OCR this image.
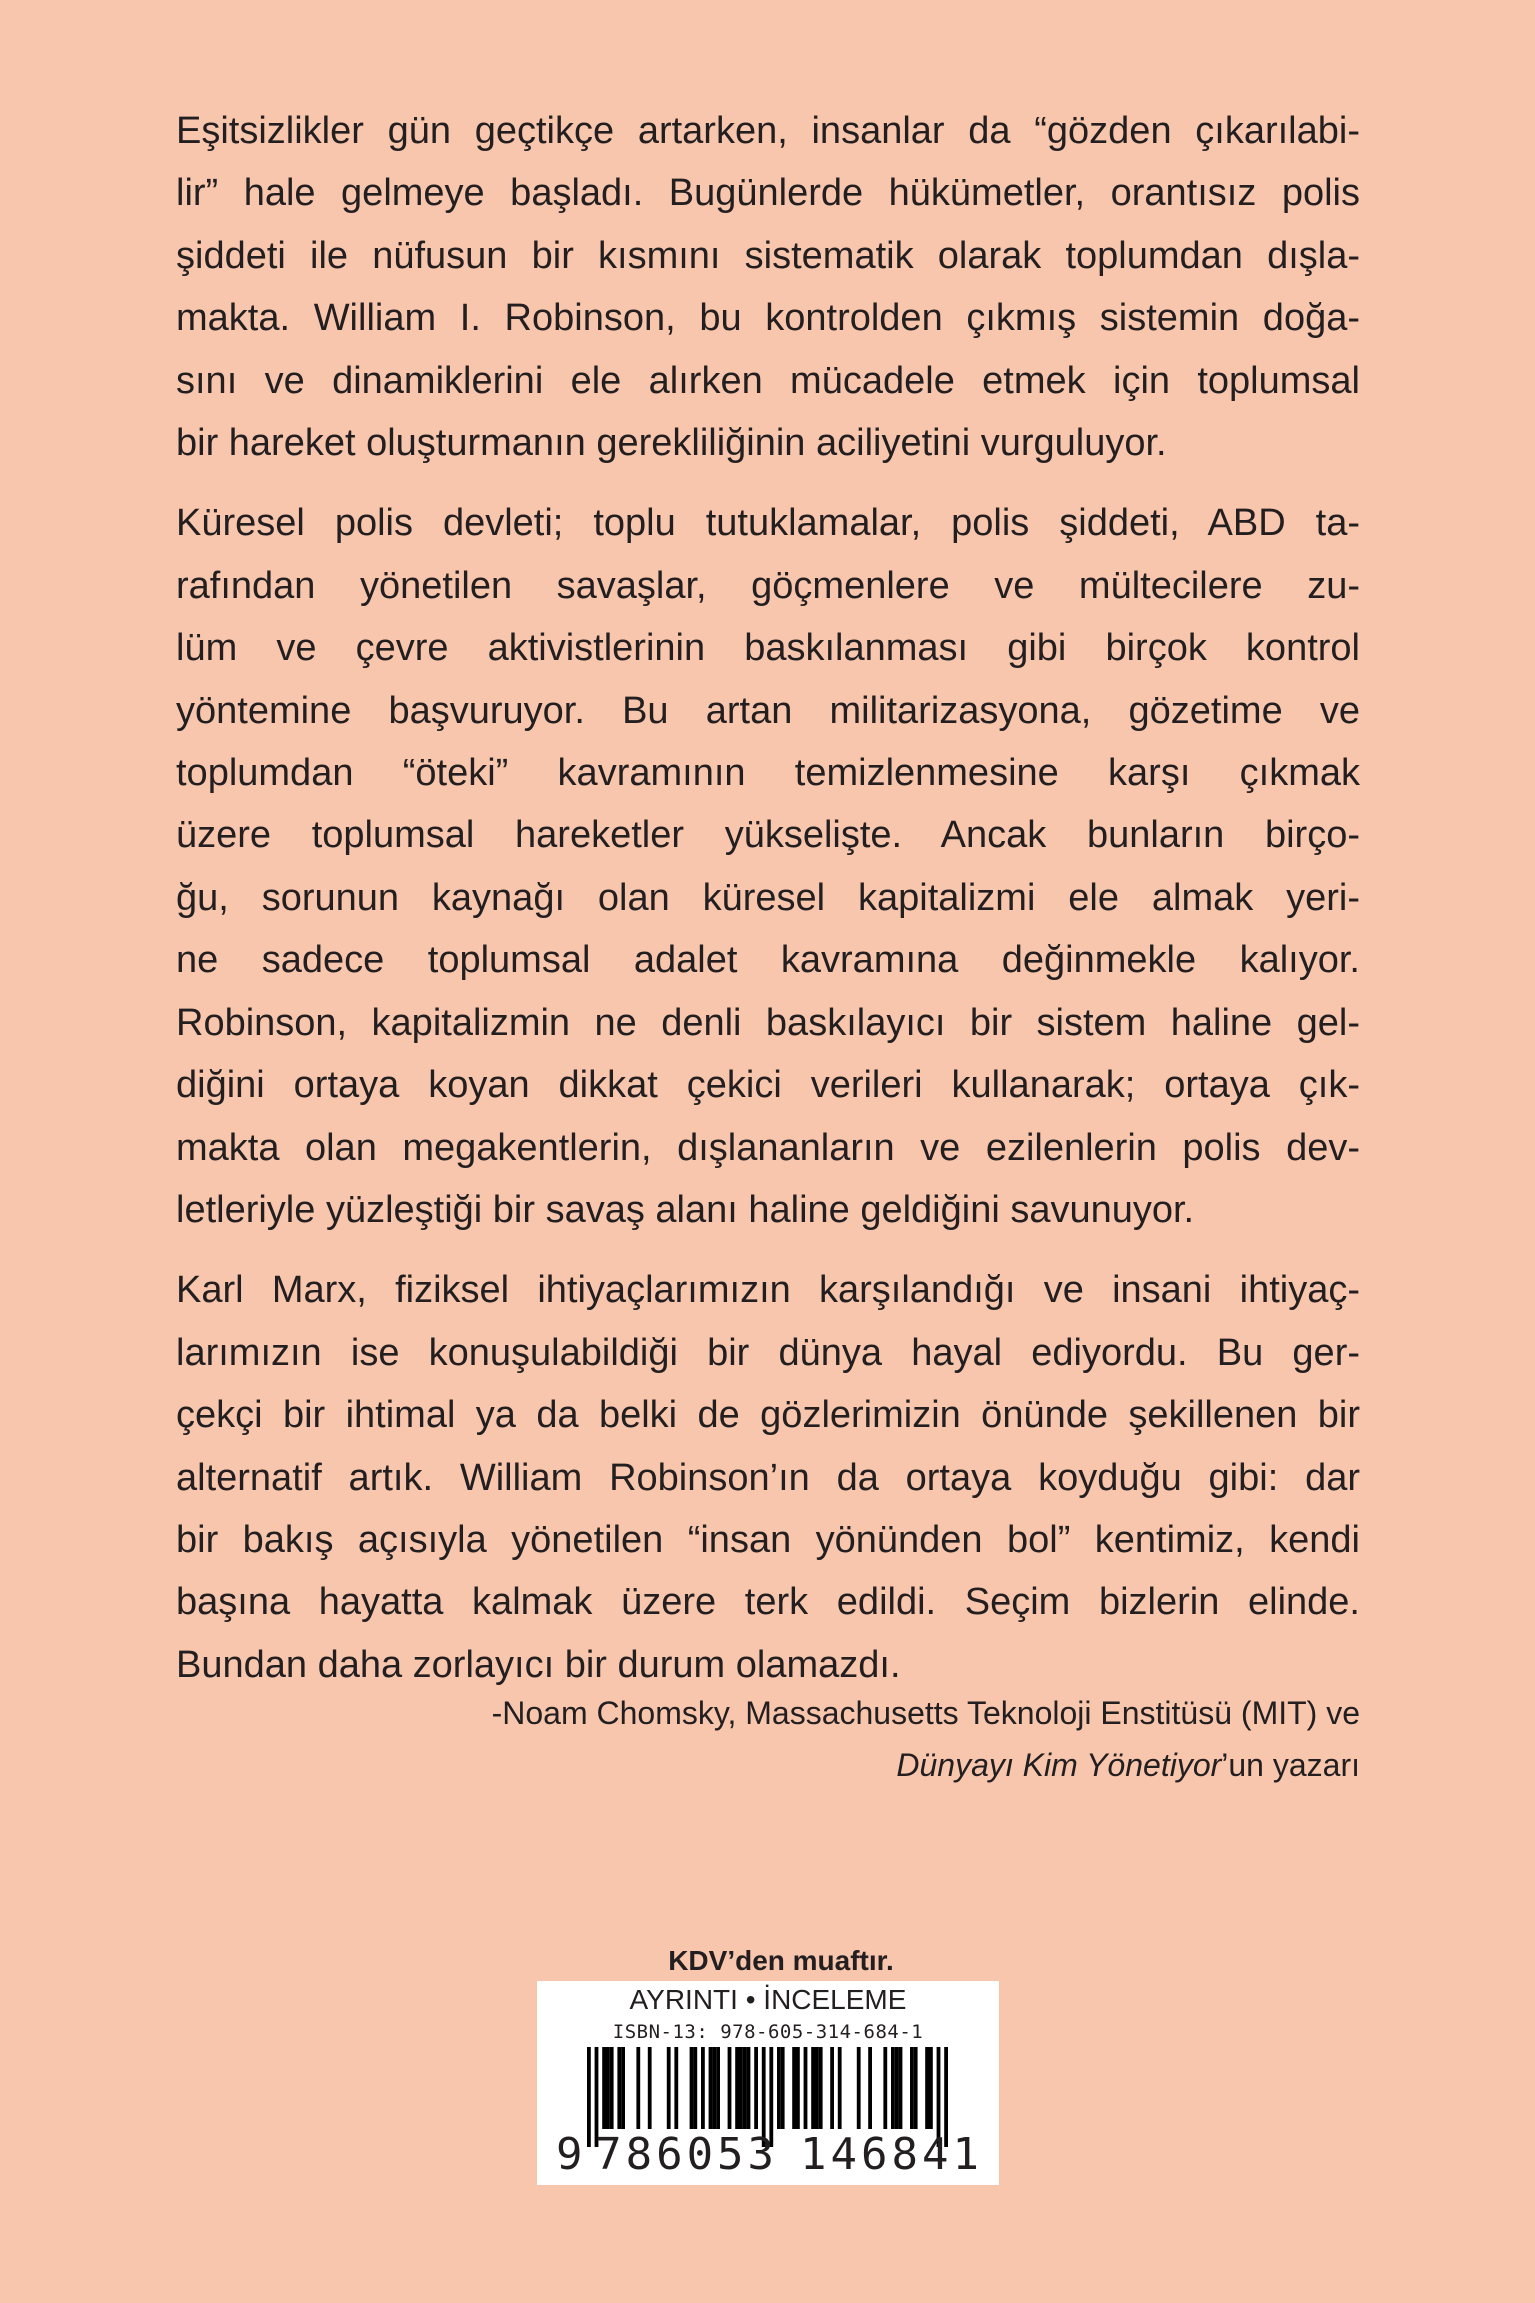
Eşitsizlikler gün geçtikçe artarken, insanlar da “gözden çıkarılabi-
lir” hale gelmeye başladı. Bugünlerde hükümetler, orantısız polis
şiddeti ile nüfusun bir kısmını sistematik olarak toplumdan dışla-
makta. William I. Robinson, bu kontrolden çıkmış sistemin doğa-
sını ve dinamiklerini ele alırken mücadele etmek için toplumsal
bir hareket oluşturmanın gerekliliğinin aciliyetini vurguluyor.

Küresel polis devleti; toplu tutuklamalar, polis şiddeti, ABD ta-
rafından yönetilen savaşlar, göçmenlere ve mültecilere zu-
lüm ve çevre aktivistlerinin baskılanması gibi birçok kontrol
yöntemine başvuruyor. Bu artan militarizasyona, gözetime ve
toplumdan “öteki” kavramının temizlenmesine karşı çıkmak
üzere toplumsal hareketler yükselişte. Ancak bunların birço-
ğu, sorunun kaynağı olan küresel kapitalizmi ele almak yeri-
ne sadece toplumsal adalet kavramına değinmekle kalıyor.
Robinson, kapitalizmin ne denli baskılayıcı bir sistem haline gel-
diğini ortaya koyan dikkat çekici verileri kullanarak; ortaya çık-
makta olan megakentlerin, dışlananların ve ezilenlerin polis dev-
letleriyle yüzleştiği bir savaş alanı haline geldiğini savunuyor.

Karl Marx, fiziksel ihtiyaçlarımızın karşılandığı ve insani ihtiyaç-
larımızın ise konuşulabildiği bir dünya hayal ediyordu. Bu ger-
çekçi bir ihtimal ya da belki de gözlerimizin önünde şekillenen bir
alternatif artık. William Robinson’ın da ortaya koyduğu gibi: dar
bir bakış açısıyla yönetilen “insan yönünden bol” kentimiz, kendi
başına hayatta kalmak üzere terk edildi. Seçim bizlerin elinde.
Bundan daha zorlayıcı bir durum olamazdı.

-Noam Chomsky, Massachusetts Teknoloji Enstitüsü (MIT) ve
Dünyayı Kim Yönetiyor’un yazarı
KDV’den muaftır.
AYRINTI • İNCELEME
ISBN-13: 978-605-314-684-1
9 786053 146841
